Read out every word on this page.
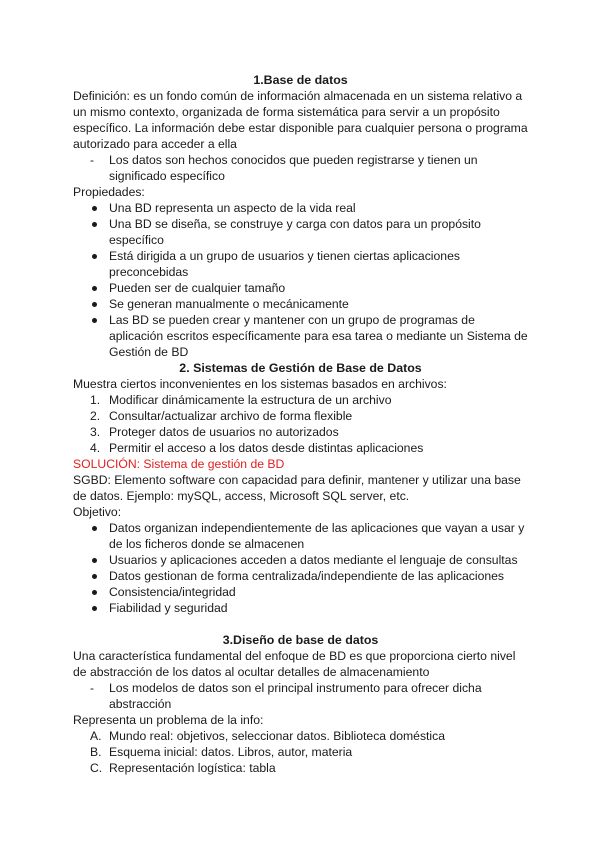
1.Base de datos

Definición: es un fondo común de información almacenada en un sistema relativo a un mismo contexto, organizada de forma sistemática para servir a un propósito específico. La información debe estar disponible para cualquier persona o programa autorizado para acceder a ella

- Los datos son hechos conocidos que pueden registrarse y tienen un significado específico

Propiedades:

Una BD representa un aspecto de la vida real
Una BD se diseña, se construye y carga con datos para un propósito específico
Está dirigida a un grupo de usuarios y tienen ciertas aplicaciones preconcebidas
Pueden ser de cualquier tamaño
Se generan manualmente o mecánicamente
Las BD se pueden crear y mantener con un grupo de programas de aplicación escritos específicamente para esa tarea o mediante un Sistema de Gestión de BD
2. Sistemas de Gestión de Base de Datos

Muestra ciertos inconvenientes en los sistemas basados en archivos:

1. Modificar dinámicamente la estructura de un archivo
2. Consultar/actualizar archivo de forma flexible
3. Proteger datos de usuarios no autorizados
4. Permitir el acceso a los datos desde distintas aplicaciones

SOLUCIÓN: Sistema de gestión de BD

SGBD: Elemento software con capacidad para definir, mantener y utilizar una base de datos. Ejemplo: mySQL, access, Microsoft SQL server, etc.

Objetivo:

Datos organizan independientemente de las aplicaciones que vayan a usar y de los ficheros donde se almacenen
Usuarios y aplicaciones acceden a datos mediante el lenguaje de consultas
Datos gestionan de forma centralizada/independiente de las aplicaciones
Consistencia/integridad
Fiabilidad y seguridad
3.Diseño de base de datos

Una característica fundamental del enfoque de BD es que proporciona cierto nivel de abstracción de los datos al ocultar detalles de almacenamiento

- Los modelos de datos son el principal instrumento para ofrecer dicha abstracción

Representa un problema de la info:

A. Mundo real: objetivos, seleccionar datos. Biblioteca doméstica
B. Esquema inicial: datos. Libros, autor, materia
C. Representación logística: tabla
